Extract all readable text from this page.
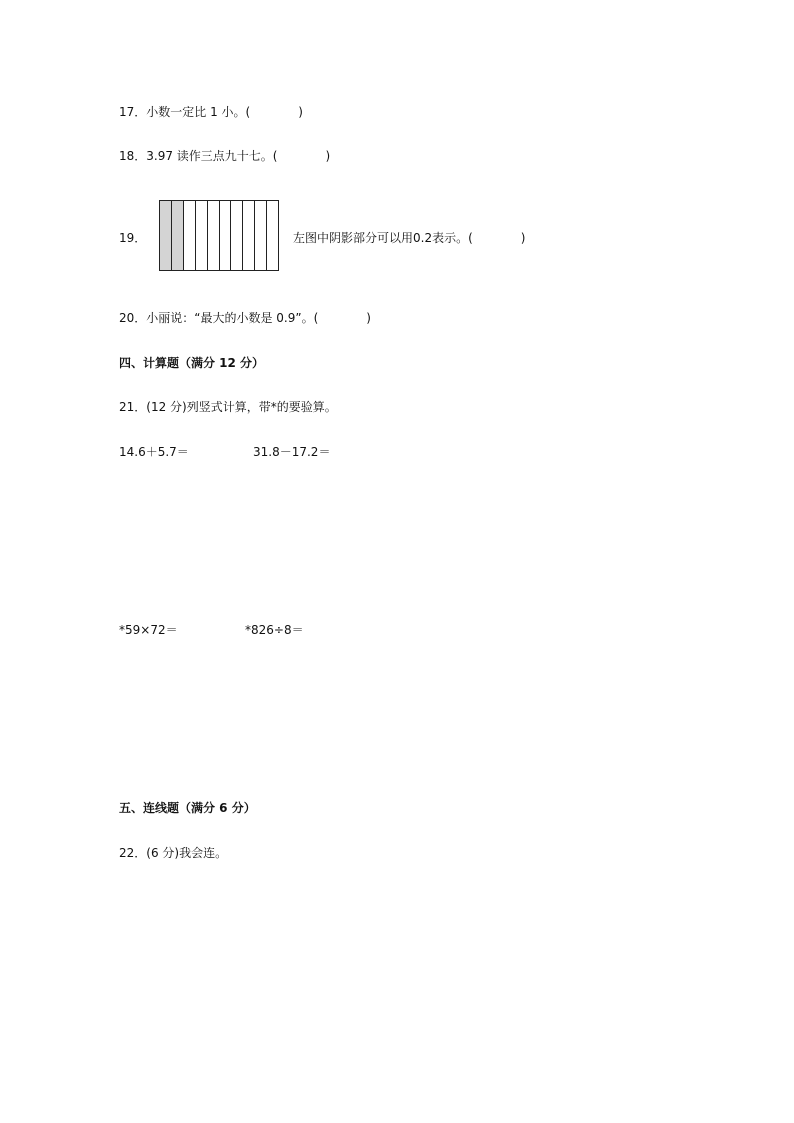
17．小数一定比 1 小。(　　　　)
18．3.97 读作三点九十七。(　　　　)
19．	左图中阴影部分可以用0.2表示。(　　　　)
20．小丽说：“最大的小数是 0.9”。(　　　　)
四、计算题（满分 12 分）
21．(12 分)列竖式计算，带*的要验算。
14.6＋5.7＝	31.8－17.2＝
*59×72＝	*826÷8＝
五、连线题（满分 6 分）
22．(6 分)我会连。
